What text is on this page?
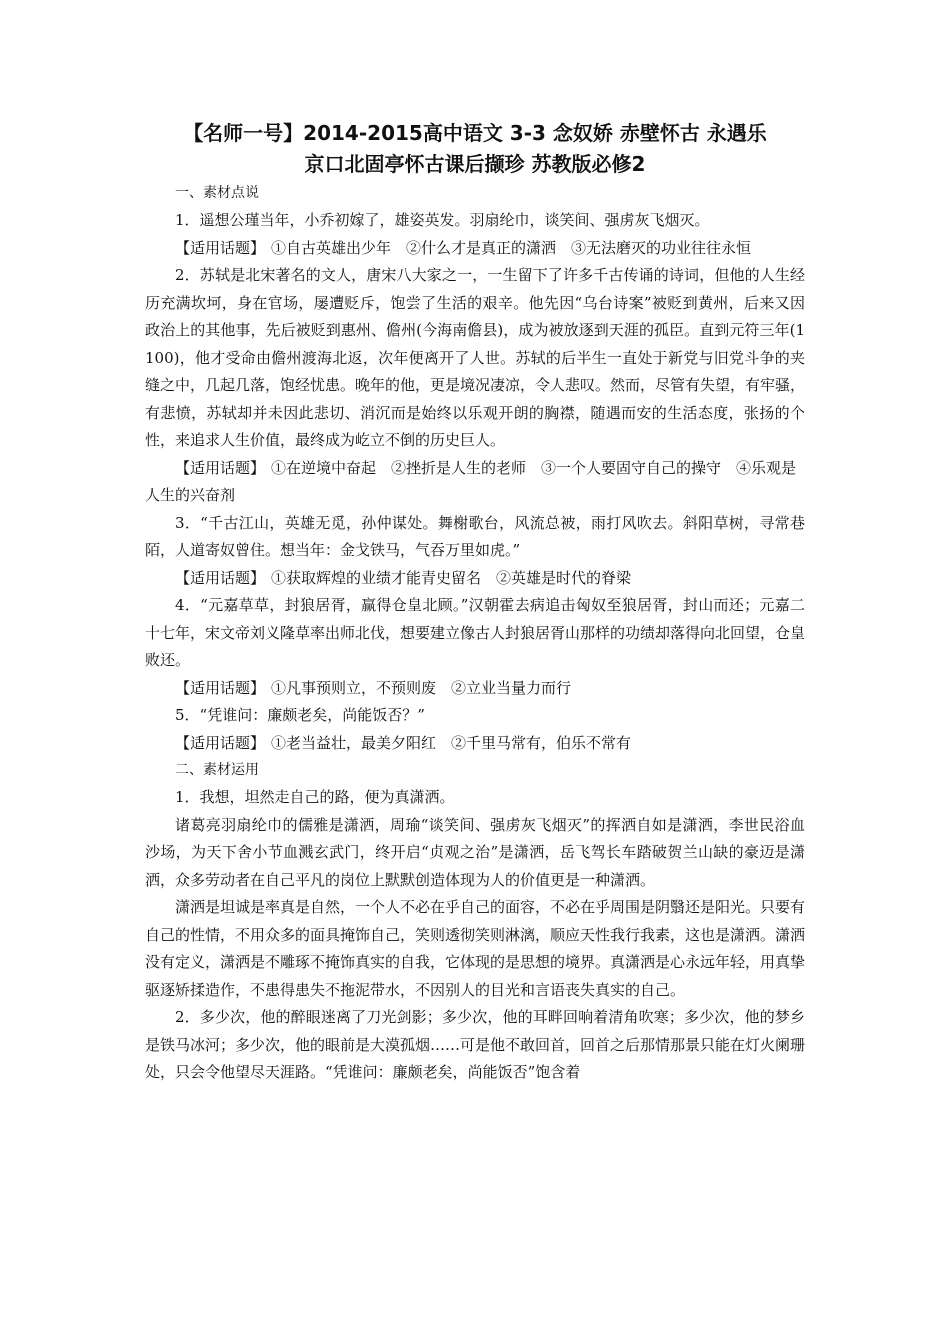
【名师一号】2014-2015高中语文 3-3 念奴娇 赤壁怀古 永遇乐
京口北固亭怀古课后撷珍 苏教版必修2

一、素材点说

1．遥想公瑾当年，小乔初嫁了，雄姿英发。羽扇纶巾，谈笑间、强虏灰飞烟灭。

【适用话题】 ①自古英雄出少年　②什么才是真正的潇洒　③无法磨灭的功业往往永恒

2．苏轼是北宋著名的文人，唐宋八大家之一，一生留下了许多千古传诵的诗词，但他的人生经历充满坎坷，身在官场，屡遭贬斥，饱尝了生活的艰辛。他先因“乌台诗案”被贬到黄州，后来又因政治上的其他事，先后被贬到惠州、儋州(今海南儋县)，成为被放逐到天涯的孤臣。直到元符三年(1100)，他才受命由儋州渡海北返，次年便离开了人世。苏轼的后半生一直处于新党与旧党斗争的夹缝之中，几起几落，饱经忧患。晚年的他，更是境况凄凉，令人悲叹。然而，尽管有失望，有牢骚，有悲愤，苏轼却并未因此悲切、消沉而是始终以乐观开朗的胸襟，随遇而安的生活态度，张扬的个性，来追求人生价值，最终成为屹立不倒的历史巨人。

【适用话题】 ①在逆境中奋起　②挫折是人生的老师　③一个人要固守自己的操守　④乐观是人生的兴奋剂

3．“千古江山，英雄无觅，孙仲谋处。舞榭歌台，风流总被，雨打风吹去。斜阳草树，寻常巷陌，人道寄奴曾住。想当年：金戈铁马，气吞万里如虎。”

【适用话题】 ①获取辉煌的业绩才能青史留名　②英雄是时代的脊梁

4．“元嘉草草，封狼居胥，赢得仓皇北顾。”汉朝霍去病追击匈奴至狼居胥，封山而还；元嘉二十七年，宋文帝刘义隆草率出师北伐，想要建立像古人封狼居胥山那样的功绩却落得向北回望，仓皇败还。

【适用话题】 ①凡事预则立，不预则废　②立业当量力而行

5．“凭谁问：廉颇老矣，尚能饭否？”

【适用话题】 ①老当益壮，最美夕阳红　②千里马常有，伯乐不常有

二、素材运用

1．我想，坦然走自己的路，便为真潇洒。

诸葛亮羽扇纶巾的儒雅是潇洒，周瑜“谈笑间、强虏灰飞烟灭”的挥洒自如是潇洒，李世民浴血沙场，为天下舍小节血溅玄武门，终开启“贞观之治”是潇洒，岳飞驾长车踏破贺兰山缺的豪迈是潇洒，众多劳动者在自己平凡的岗位上默默创造体现为人的价值更是一种潇洒。

潇洒是坦诚是率真是自然，一个人不必在乎自己的面容，不必在乎周围是阴翳还是阳光。只要有自己的性情，不用众多的面具掩饰自己，笑则透彻笑则淋漓，顺应天性我行我素，这也是潇洒。潇洒没有定义，潇洒是不雕琢不掩饰真实的自我，它体现的是思想的境界。真潇洒是心永远年轻，用真挚驱逐矫揉造作，不患得患失不拖泥带水，不因别人的目光和言语丧失真实的自己。

2．多少次，他的醉眼迷离了刀光剑影；多少次，他的耳畔回响着清角吹寒；多少次，他的梦乡是铁马冰河；多少次，他的眼前是大漠孤烟……可是他不敢回首，回首之后那情那景只能在灯火阑珊处，只会令他望尽天涯路。“凭谁问：廉颇老矣，尚能饭否”饱含着
